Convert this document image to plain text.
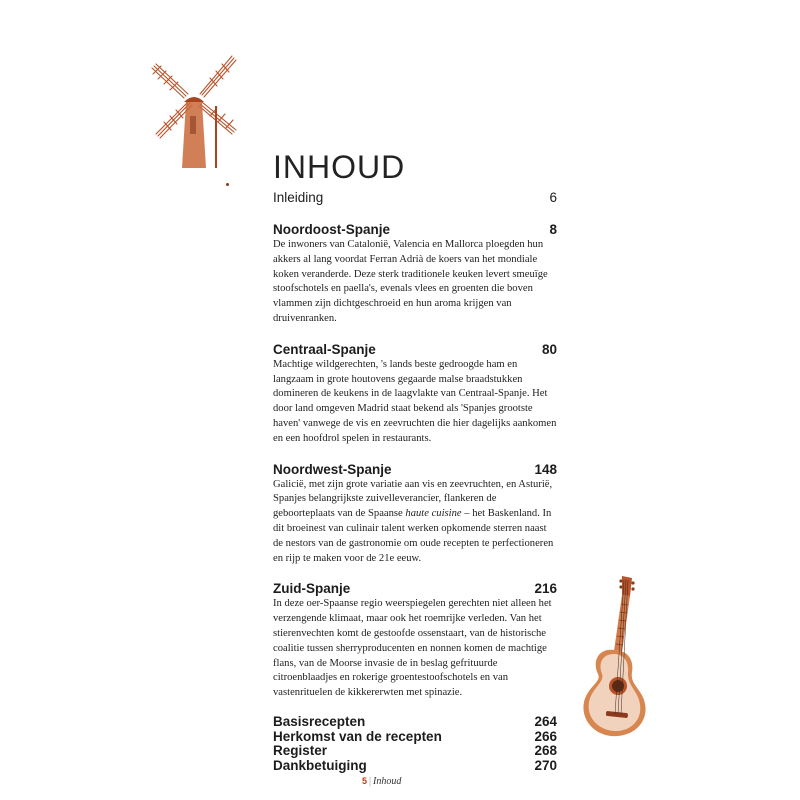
INHOUD
Inleiding	6
Noordoost-Spanje	8

De inwoners van Catalonië, Valencia en Mallorca ploegden hun akkers al lang voordat Ferran Adrià de koers van het mondiale koken veranderde. Deze sterk traditionele keuken levert smeuïge stoofschotels en paella's, evenals vlees en groenten die boven vlammen zijn dichtgeschroeid en hun aroma krijgen van druivenranken.

Centraal-Spanje	80

Machtige wildgerechten, 's lands beste gedroogde ham en langzaam in grote houtovens gegaarde malse braadstukken domineren de keukens in de laagvlakte van Centraal-Spanje. Het door land omgeven Madrid staat bekend als 'Spanjes grootste haven' vanwege de vis en zeevruchten die hier dagelijks aankomen en een hoofdrol spelen in restaurants.

Noordwest-Spanje	148

Galicië, met zijn grote variatie aan vis en zeevruchten, en Asturië, Spanjes belangrijkste zuivelleverancier, flankeren de geboorteplaats van de Spaanse haute cuisine – het Baskenland. In dit broeinest van culinair talent werken opkomende sterren naast de nestors van de gastronomie om oude recepten te perfectioneren en rijp te maken voor de 21e eeuw.

Zuid-Spanje	216

In deze oer-Spaanse regio weerspiegelen gerechten niet alleen het verzengende klimaat, maar ook het roemrijke verleden. Van het stierenvechten komt de gestoofde ossenstaart, van de historische coalitie tussen sherryproducenten en nonnen komen de machtige flans, van de Moorse invasie de in beslag gefrituurde citroenblaadjes en rokerige groentestoofschotels en van vastenrituelen de kikkererwten met spinazie.

Basisrecepten	264
Herkomst van de recepten	266
Register	268
Dankbetuiging	270
5 | Inhoud
